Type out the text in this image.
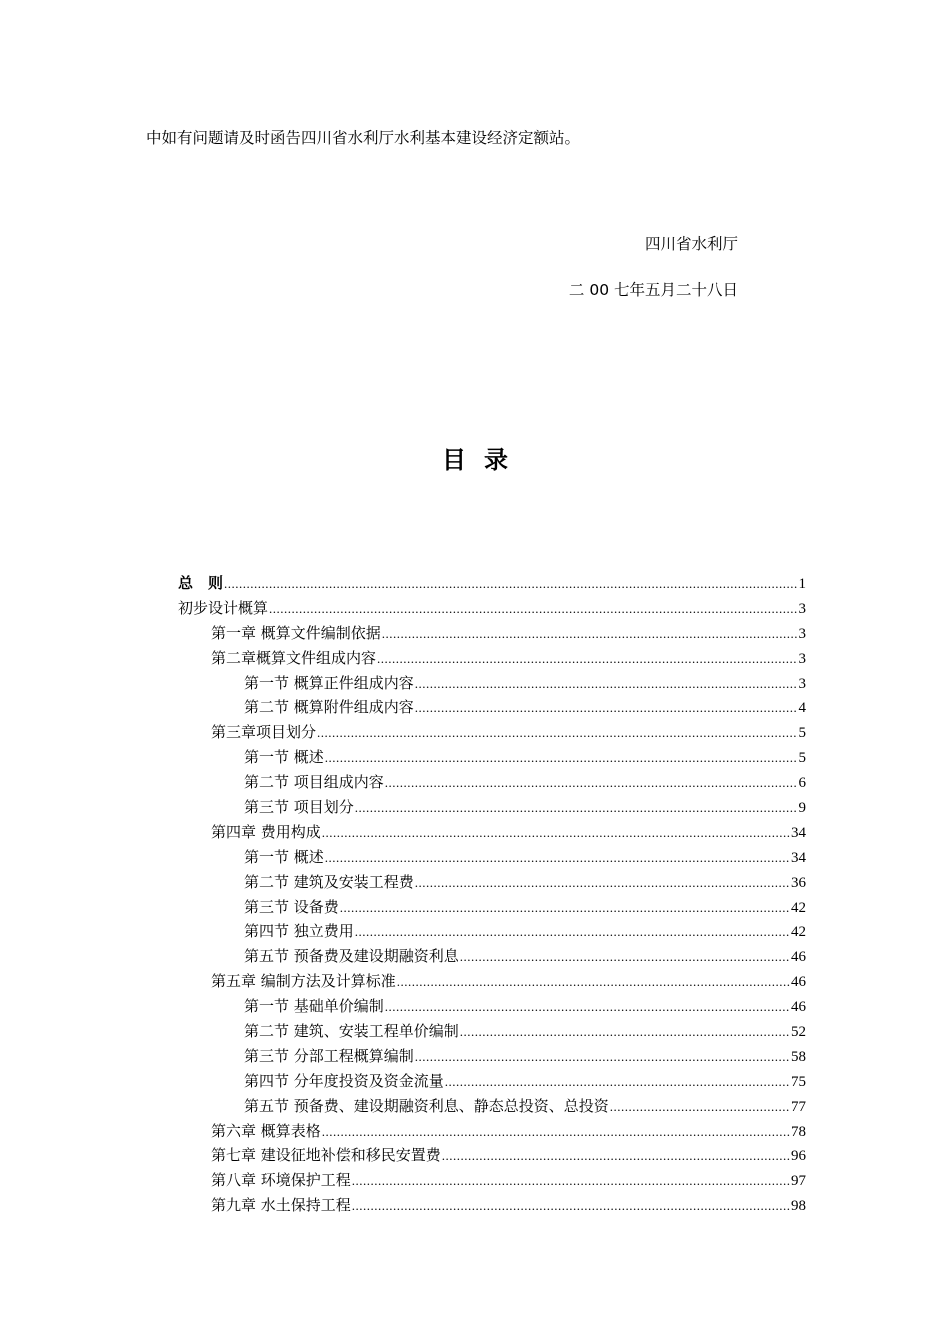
中如有问题请及时函告四川省水利厅水利基本建设经济定额站。
四川省水利厅
二 00 七年五月二十八日
目录
总　则 .....	1
初步设计概算 .....	3
第一章 概算文件编制依据 .....	3
第二章概算文件组成内容 .....	3
第一节 概算正件组成内容 .....	3
第二节 概算附件组成内容 .....	4
第三章项目划分 .....	5
第一节 概述 .....	5
第二节 项目组成内容 .....	6
第三节 项目划分 .....	9
第四章 费用构成 .....	34
第一节 概述 .....	34
第二节 建筑及安装工程费 .....	36
第三节 设备费 .....	42
第四节 独立费用 .....	42
第五节 预备费及建设期融资利息 .....	46
第五章 编制方法及计算标准 .....	46
第一节 基础单价编制 .....	46
第二节 建筑、安装工程单价编制 .....	52
第三节 分部工程概算编制 .....	58
第四节 分年度投资及资金流量 .....	75
第五节 预备费、建设期融资利息、静态总投资、总投资 .....	77
第六章 概算表格 .....	78
第七章 建设征地补偿和移民安置费 .....	96
第八章 环境保护工程 .....	97
第九章 水土保持工程 .....	98
